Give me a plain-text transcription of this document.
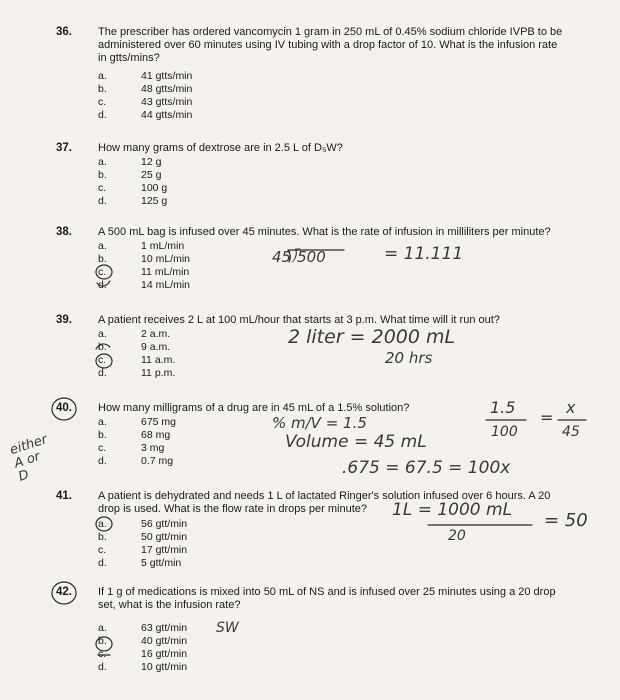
36. The prescriber has ordered vancomycin 1 gram in 250 mL of 0.45% sodium chloride IVPB to be administered over 60 minutes using IV tubing with a drop factor of 10. What is the infusion rate in gtts/mins?
a.	41 gtts/min
b.	48 gtts/min
c.	43 gtts/min
d.	44 gtts/min
37. How many grams of dextrose are in 2.5 L of D₅W?
a.	12 g
b.	25 g
c.	100 g
d.	125 g
38. A 500 mL bag is infused over 45 minutes. What is the rate of infusion in milliliters per minute?
a.	1 mL/min
b.	10 mL/min
c.	11 mL/min
d.	14 mL/min
39. A patient receives 2 L at 100 mL/hour that starts at 3 p.m. What time will it run out?
a.	2 a.m.
b.	9 a.m.
c.	11 a.m.
d.	11 p.m.
40. How many milligrams of a drug are in 45 mL of a 1.5% solution?
a.	675 mg
b.	68 mg
c.	3 mg
d.	0.7 mg
41. A patient is dehydrated and needs 1 L of lactated Ringer's solution infused over 6 hours. A 20 drop is used. What is the flow rate in drops per minute?
a.	56 gtt/min
b.	50 gtt/min
c.	17 gtt/min
d.	5 gtt/min
42. If 1 g of medications is mixed into 50 mL of NS and is infused over 25 minutes using a 20 drop set, what is the infusion rate?
a.	63 gtt/min
b.	40 gtt/min
c.	16 gtt/min
d.	10 gtt/min
45⟌500	= 11.111
2 liter = 2000 mL
20 hrs
either A or D
% m/V = 1.5
Volume = 45 mL
1.5
100
=
x
45
.675 = 67.5 = 100x
1L = 1000 mL
20
= 50
SW
